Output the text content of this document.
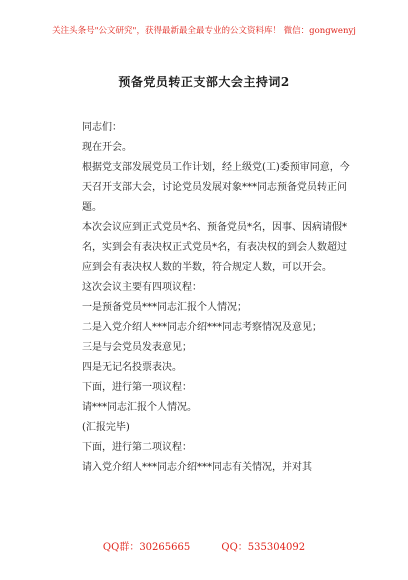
关注头条号"公文研究"，获得最新最全最专业的公文资料库！ 微信：gongwenyj
预备党员转正支部大会主持词2

同志们：

现在开会。

根据党支部发展党员工作计划，经上级党(工)委预审同意，今天召开支部大会，讨论党员发展对象***同志预备党员转正问题。

本次会议应到正式党员*名、预备党员*名，因事、因病请假*名，实到会有表决权正式党员*名，有表决权的到会人数超过应到会有表决权人数的半数，符合规定人数，可以开会。

这次会议主要有四项议程：

一是预备党员***同志汇报个人情况；

二是入党介绍人***同志介绍***同志考察情况及意见；

三是与会党员发表意见；

四是无记名投票表决。

下面，进行第一项议程：

请***同志汇报个人情况。

(汇报完毕)

下面，进行第二项议程：

请入党介绍人***同志介绍***同志有关情况，并对其

QQ群：30265665	QQ：535304092
